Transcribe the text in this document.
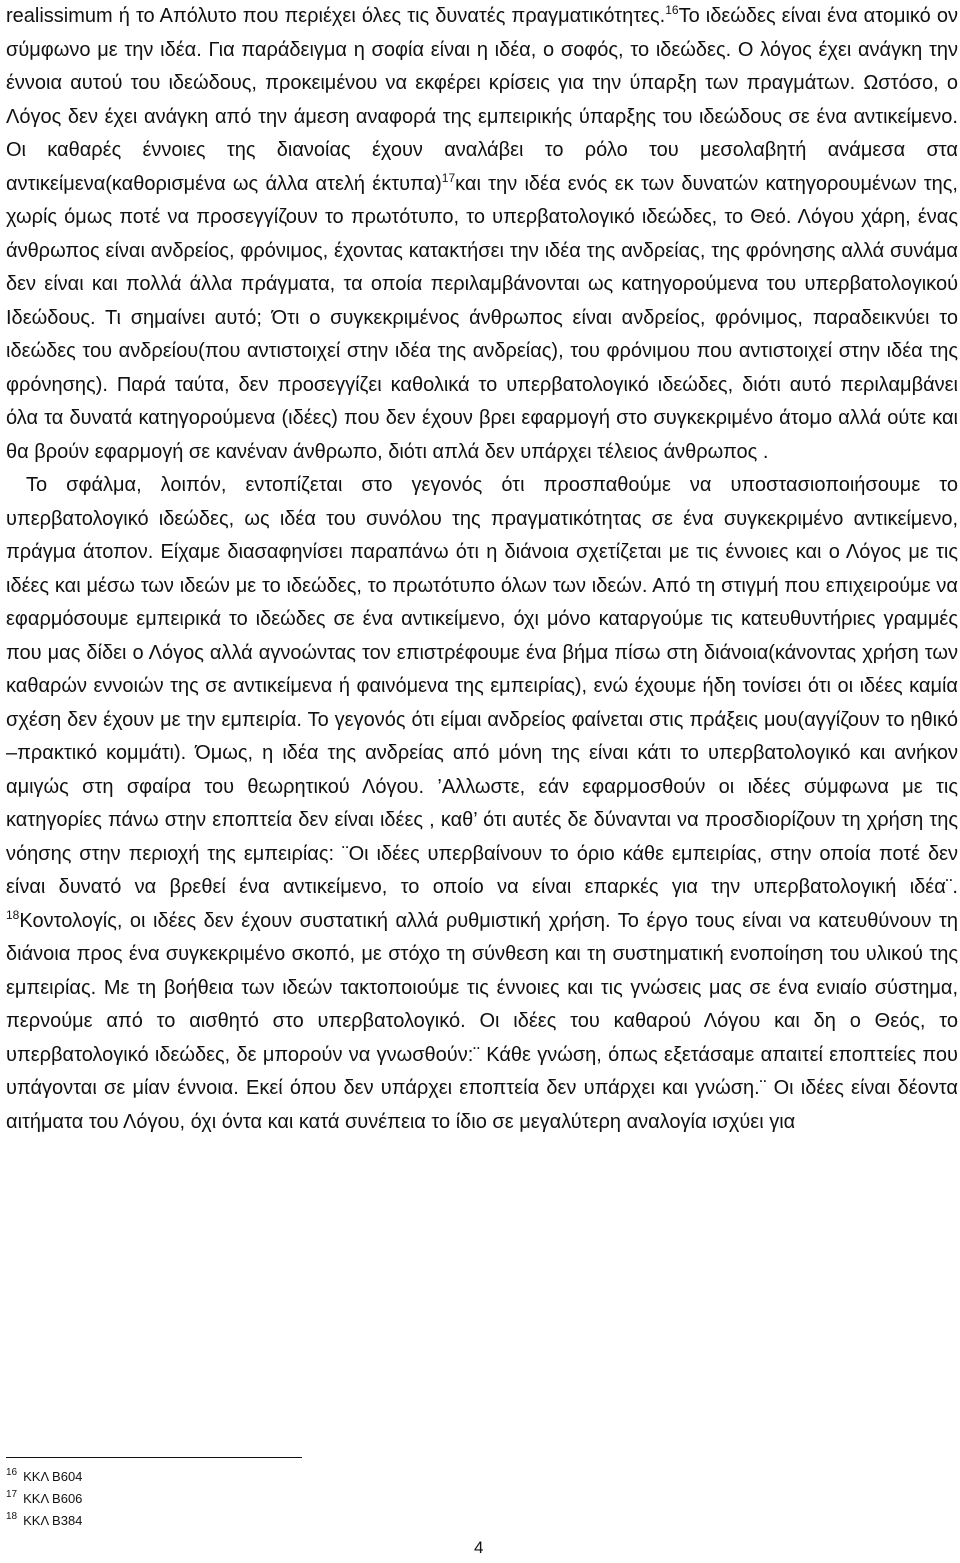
realissimum ή το Απόλυτο που περιέχει όλες τις δυνατές πραγματικότητες.$^{16}$Το ιδεώδες είναι ένα ατομικό ον σύμφωνο με την ιδέα. Για παράδειγμα η σοφία είναι η ιδέα, ο σοφός, το ιδεώδες. Ο λόγος έχει ανάγκη την έννοια αυτού του ιδεώδους, προκειμένου να εκφέρει κρίσεις για την ύπαρξη των πραγμάτων. Ωστόσο, ο Λόγος δεν έχει ανάγκη από την άμεση αναφορά της εμπειρικής ύπαρξης του ιδεώδους σε ένα αντικείμενο. Οι καθαρές έννοιες της διανοίας έχουν αναλάβει το ρόλο του μεσολαβητή ανάμεσα στα αντικείμενα(καθορισμένα ως άλλα ατελή έκτυπα)$^{17}$και την ιδέα ενός εκ των δυνατών κατηγορουμένων της, χωρίς όμως ποτέ να προσεγγίζουν το πρωτότυπο, το υπερβατολογικό ιδεώδες, το Θεό. Λόγου χάρη, ένας άνθρωπος είναι ανδρείος, φρόνιμος, έχοντας κατακτήσει την ιδέα της ανδρείας, της φρόνησης αλλά συνάμα δεν είναι και πολλά άλλα πράγματα, τα οποία περιλαμβάνονται ως κατηγορούμενα του υπερβατολογικού Ιδεώδους. Τι σημαίνει αυτό; Ότι ο συγκεκριμένος άνθρωπος είναι ανδρείος, φρόνιμος, παραδεικνύει το ιδεώδες του ανδρείου(που αντιστοιχεί στην ιδέα της ανδρείας), του φρόνιμου που αντιστοιχεί στην ιδέα της φρόνησης). Παρά ταύτα, δεν προσεγγίζει καθολικά το υπερβατολογικό ιδεώδες, διότι αυτό περιλαμβάνει όλα τα δυνατά κατηγορούμενα (ιδέες) που δεν έχουν βρει εφαρμογή στο συγκεκριμένο άτομο αλλά ούτε και θα βρούν εφαρμογή σε κανέναν άνθρωπο, διότι απλά δεν υπάρχει τέλειος άνθρωπος .

Το σφάλμα, λοιπόν, εντοπίζεται στο γεγονός ότι προσπαθούμε να υποστασιοποιήσουμε το υπερβατολογικό ιδεώδες, ως ιδέα του συνόλου της πραγματικότητας σε ένα συγκεκριμένο αντικείμενο, πράγμα άτοπον. Είχαμε διασαφηνίσει παραπάνω ότι η διάνοια σχετίζεται με τις έννοιες και ο Λόγος με τις ιδέες και μέσω των ιδεών με το ιδεώδες, το πρωτότυπο όλων των ιδεών. Από τη στιγμή που επιχειρούμε να εφαρμόσουμε εμπειρικά το ιδεώδες σε ένα αντικείμενο, όχι μόνο καταργούμε τις κατευθυντήριες γραμμές που μας δίδει ο Λόγος αλλά αγνοώντας τον επιστρέφουμε ένα βήμα πίσω στη διάνοια(κάνοντας χρήση των καθαρών εννοιών της σε αντικείμενα ή φαινόμενα της εμπειρίας), ενώ έχουμε ήδη τονίσει ότι οι ιδέες καμία σχέση δεν έχουν με την εμπειρία. Το γεγονός ότι είμαι ανδρείος φαίνεται στις πράξεις μου(αγγίζουν το ηθικό –πρακτικό κομμάτι). Όμως, η ιδέα της ανδρείας από μόνη της είναι κάτι το υπερβατολογικό και ανήκον αμιγώς στη σφαίρα του θεωρητικού Λόγου. ’Αλλωστε, εάν εφαρμοσθούν οι ιδέες σύμφωνα με τις κατηγορίες πάνω στην εποπτεία δεν είναι ιδέες , καθ’ ότι αυτές δε δύνανται να προσδιορίζουν τη χρήση της νόησης στην περιοχή της εμπειρίας: ¨Οι ιδέες υπερβαίνουν το όριο κάθε εμπειρίας, στην οποία ποτέ δεν είναι δυνατό να βρεθεί ένα αντικείμενο, το οποίο να είναι επαρκές για την υπερβατολογική ιδέα¨. $^{18}$Κοντολογίς, οι ιδέες δεν έχουν συστατική αλλά ρυθμιστική χρήση. Το έργο τους είναι να κατευθύνουν τη διάνοια προς ένα συγκεκριμένο σκοπό, με στόχο τη σύνθεση και τη συστηματική ενοποίηση του υλικού της εμπειρίας. Με τη βοήθεια των ιδεών τακτοποιούμε τις έννοιες και τις γνώσεις μας σε ένα ενιαίο σύστημα, περνούμε από το αισθητό στο υπερβατολογικό. Οι ιδέες του καθαρού Λόγου και δη ο Θεός, το υπερβατολογικό ιδεώδες, δε μπορούν να γνωσθούν:¨ Κάθε γνώση, όπως εξετάσαμε απαιτεί εποπτείες που υπάγονται σε μίαν έννοια. Εκεί όπου δεν υπάρχει εποπτεία δεν υπάρχει και γνώση.¨ Οι ιδέες είναι δέοντα αιτήματα του Λόγου, όχι όντα και κατά συνέπεια το ίδιο σε μεγαλύτερη αναλογία ισχύει για

$^{16}$ ΚΚΛ Β604
$^{17}$ ΚΚΛ Β606
$^{18}$ ΚΚΛ Β384
4
